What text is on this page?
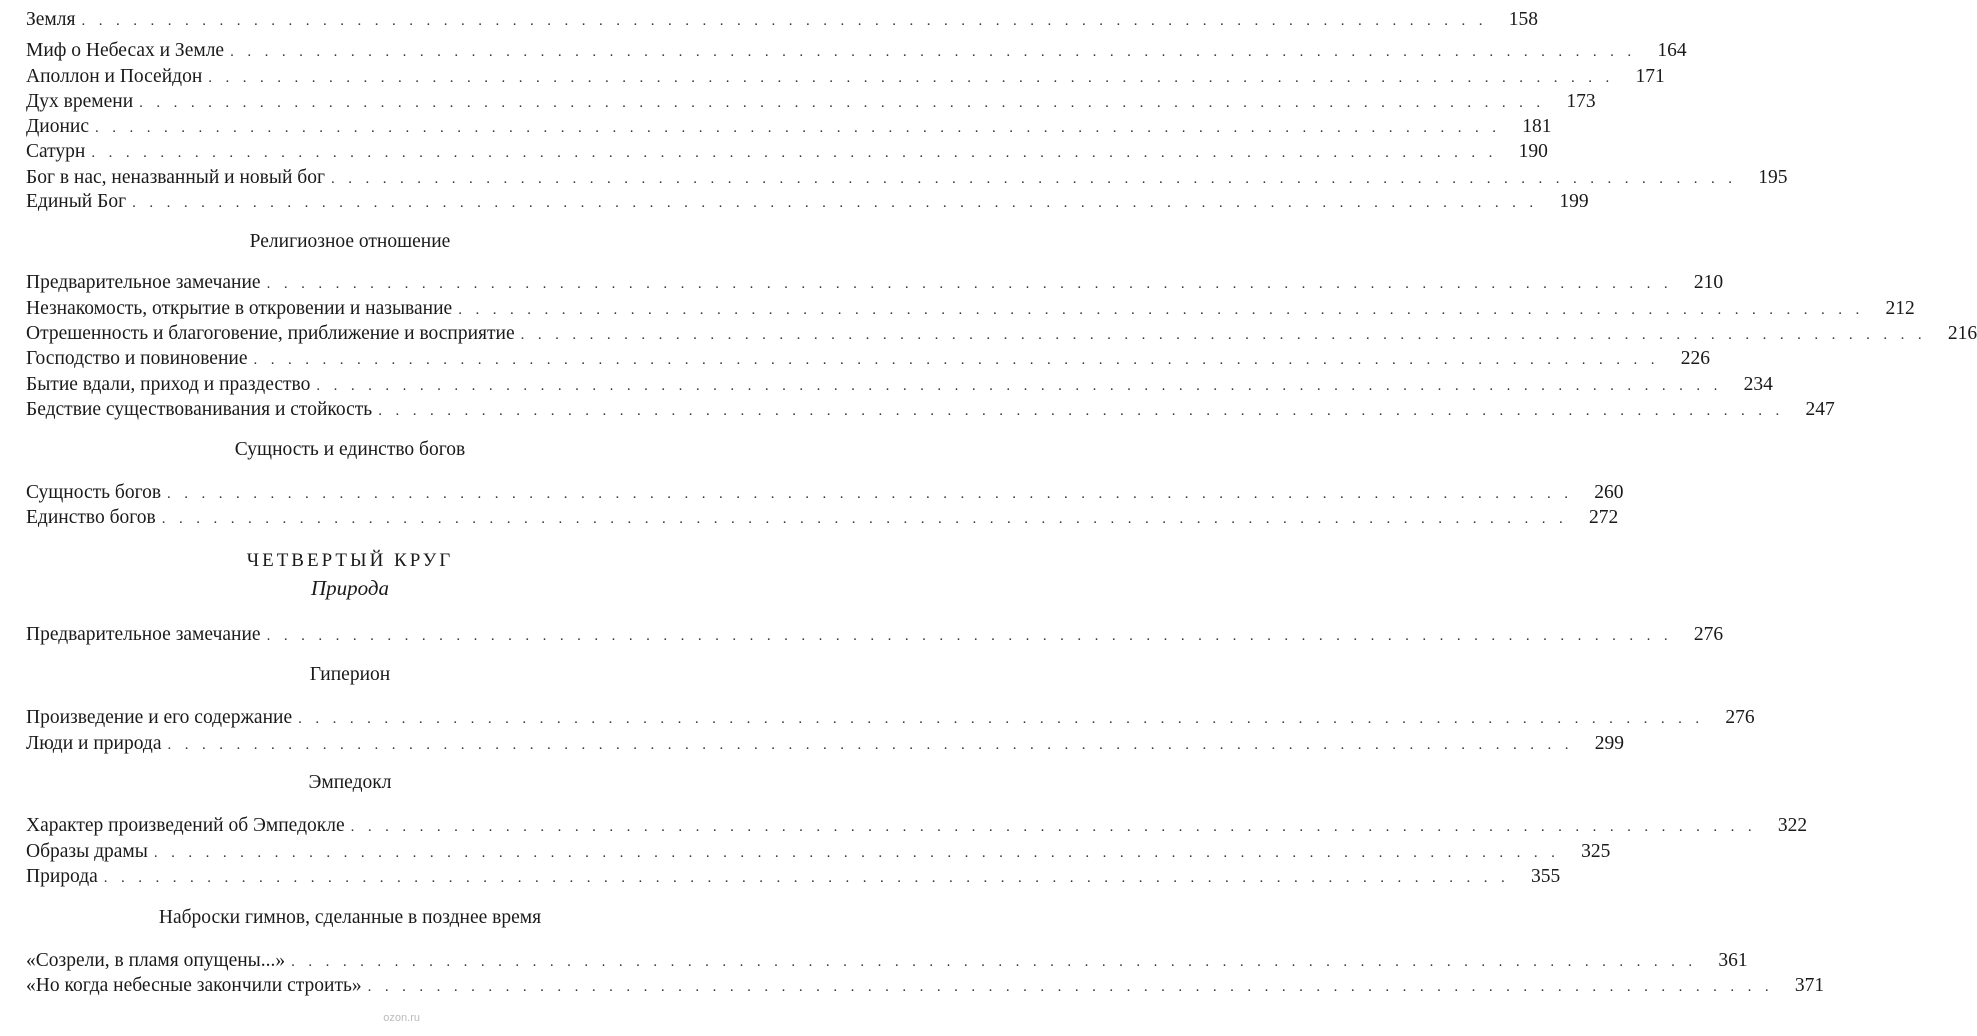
Земля .................................................................................. 158
Миф о Небесах и Земле .................................................................................. 164
Аполлон и Посейдон .................................................................................. 171
Дух времени .................................................................................. 173
Дионис .................................................................................. 181
Сатурн .................................................................................. 190
Бог в нас, неназванный и новый бог .................................................................................. 195
Единый Бог .................................................................................. 199
Религиозное отношение
Предварительное замечание .................................................................................. 210
Незнакомость, открытие в откровении и называние .................................................................................. 212
Отрешенность и благоговение, приближение и восприятие .................................................................................. 216
Господство и повиновение .................................................................................. 226
Бытие вдали, приход и праздество .................................................................................. 234
Бедствие существованивания и стойкость .................................................................................. 247
Сущность и единство богов
Сущность богов .................................................................................. 260
Единство богов .................................................................................. 272
ЧЕТВЕРТЫЙ КРУГ
Природа
Предварительное замечание .................................................................................. 276
Гиперион
Произведение и его содержание .................................................................................. 276
Люди и природа .................................................................................. 299
Эмпедокл
Характер произведений об Эмпедокле .................................................................................. 322
Образы драмы .................................................................................. 325
Природа .................................................................................. 355
Наброски гимнов, сделанные в позднее время
«Созрели, в пламя опущены...» .................................................................................. 361
«Но когда небесные закончили строить» .................................................................................. 371
ozon.ru
